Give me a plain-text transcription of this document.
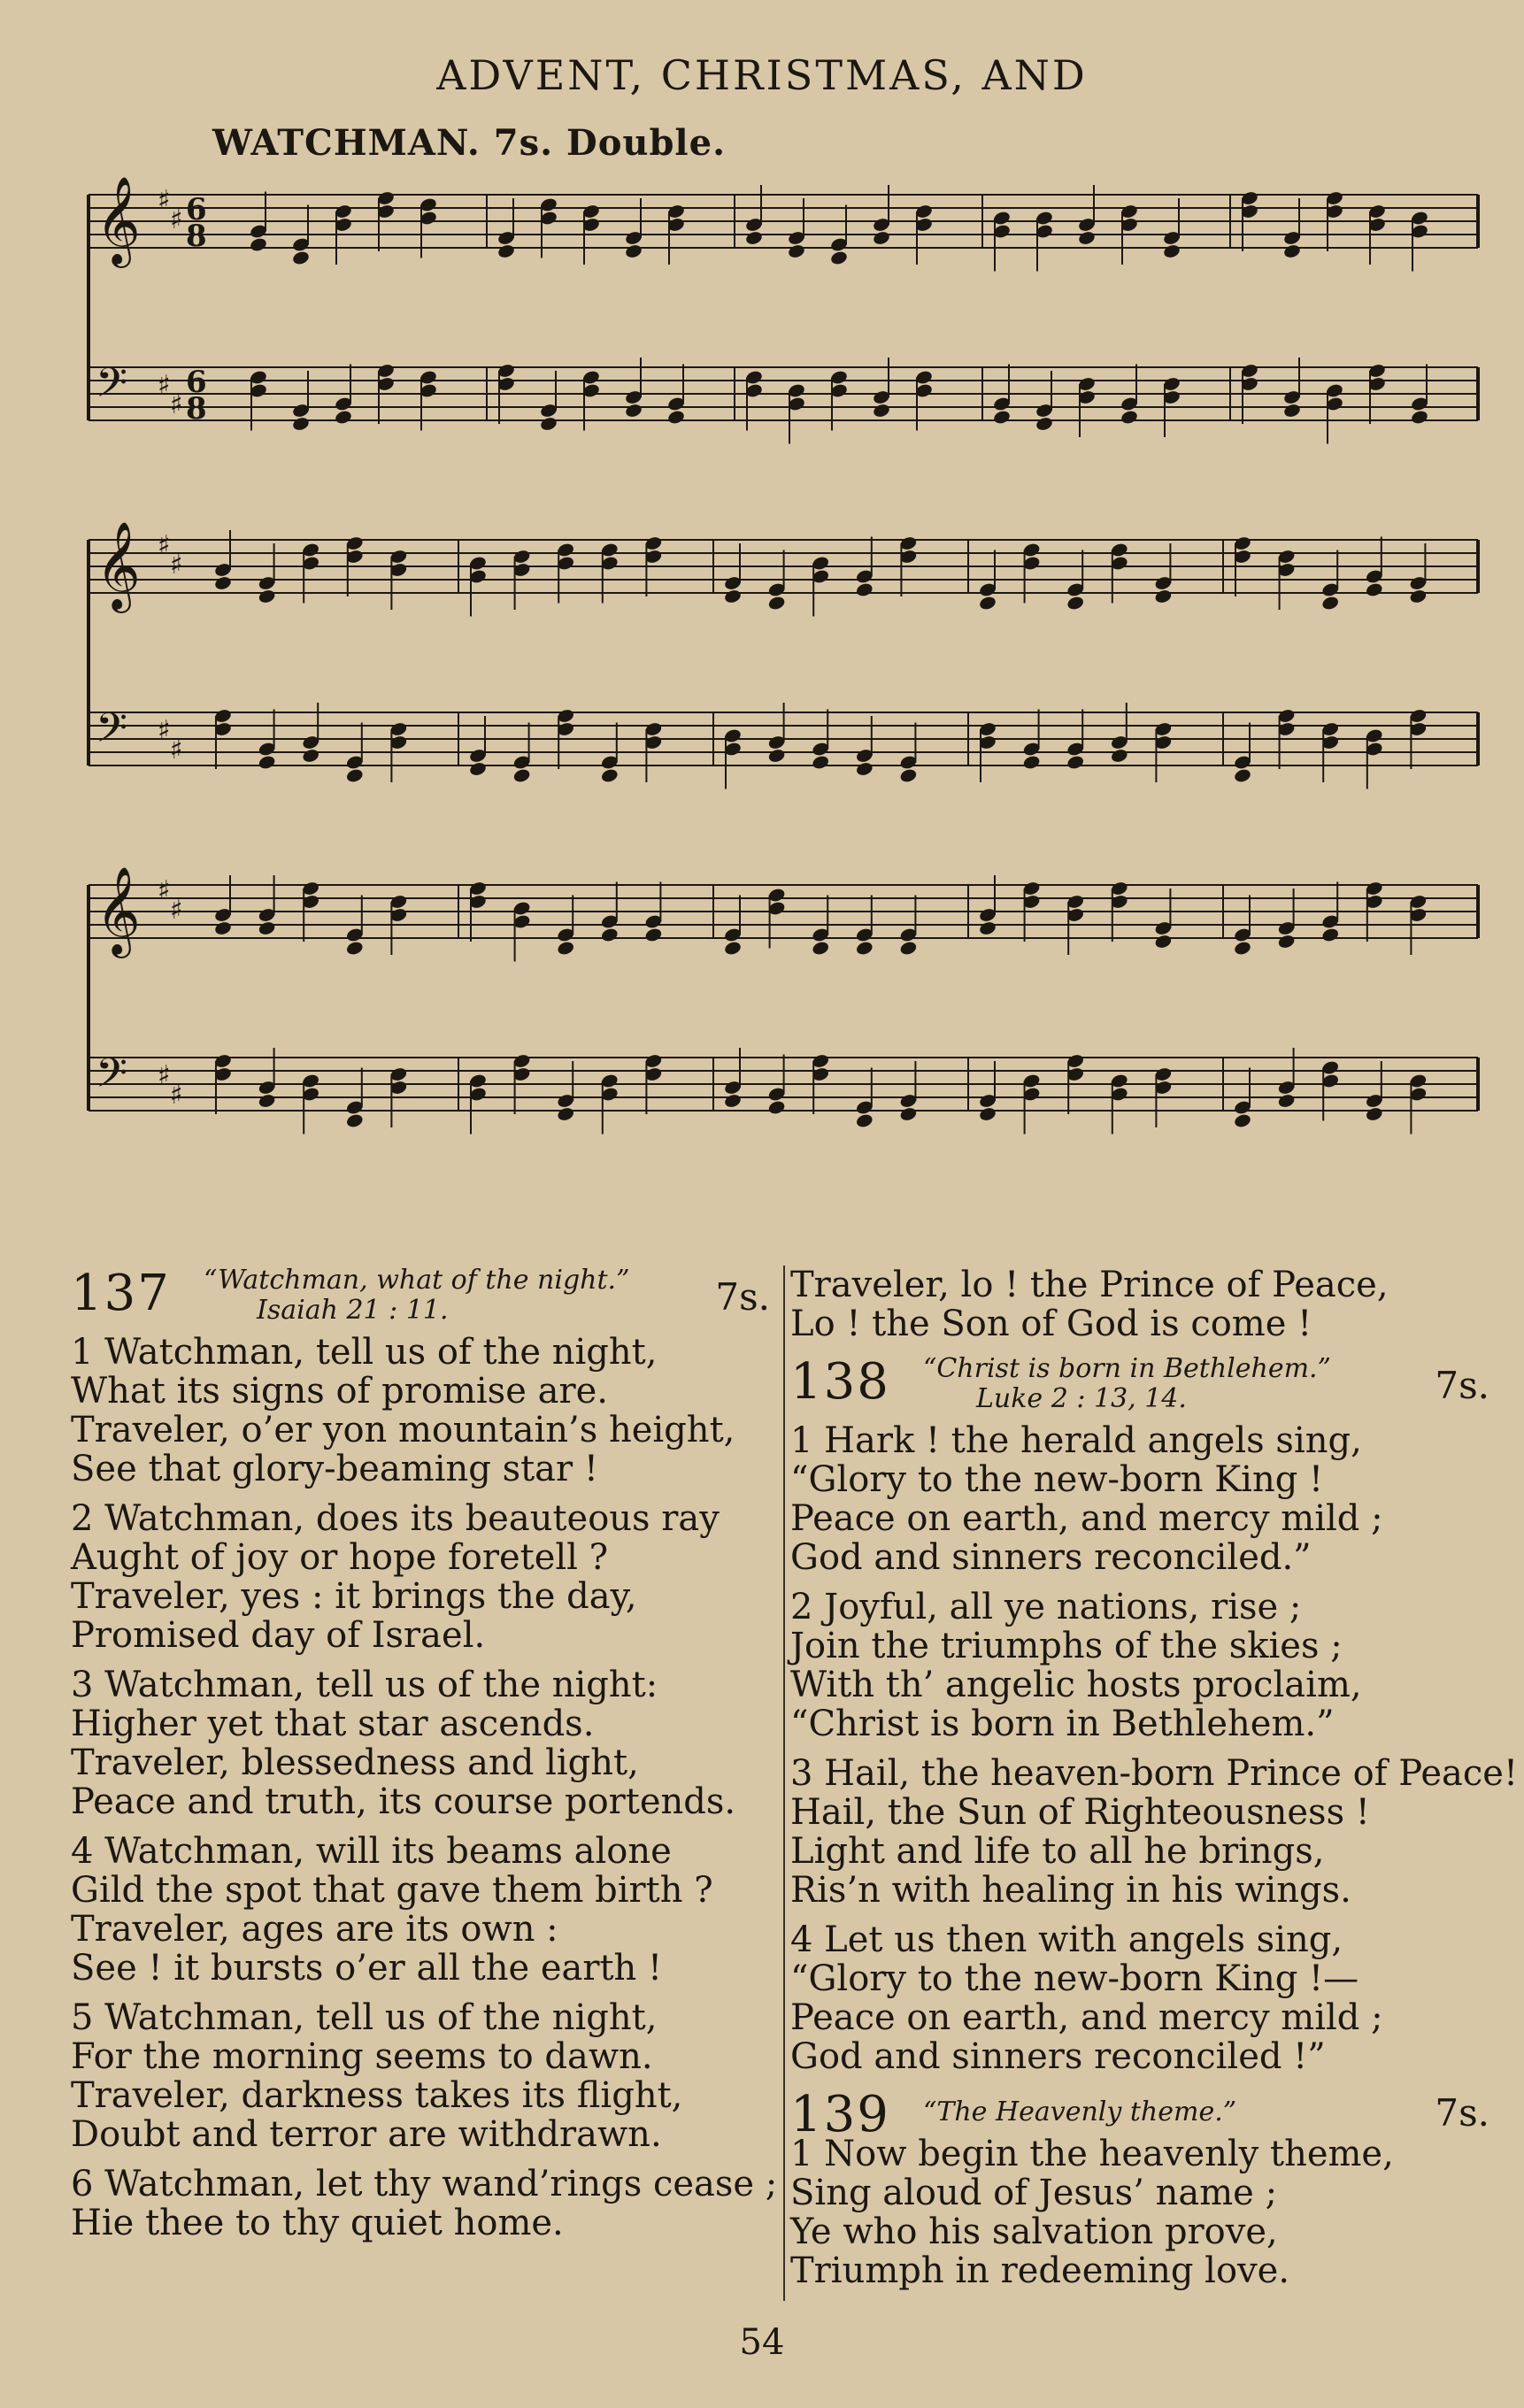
ADVENT, CHRISTMAS, AND
WATCHMAN. 7s. Double.
𝄞 ♯
♯ 6
8
𝄢 ♯
♯
6
8
𝄞 ♯
♯
𝄢 ♯
♯
𝄞 ♯
♯
𝄢 ♯
♯
137 “Watchman, what of the night.”
Isaiah 21 : 11.	7s.
1 Watchman, tell us of the night,
What its signs of promise are.
Traveler, o’er yon mountain’s height,
See that glory-beaming star !
2 Watchman, does its beauteous ray
Aught of joy or hope foretell ?
Traveler, yes : it brings the day,
Promised day of Israel.
3 Watchman, tell us of the night:
Higher yet that star ascends.
Traveler, blessedness and light,
Peace and truth, its course portends.
4 Watchman, will its beams alone
Gild the spot that gave them birth ?
Traveler, ages are its own :
See ! it bursts o’er all the earth !
5 Watchman, tell us of the night,
For the morning seems to dawn.
Traveler, darkness takes its flight,
Doubt and terror are withdrawn.
6 Watchman, let thy wand’rings cease ;
Hie thee to thy quiet home.
Traveler, lo ! the Prince of Peace,
Lo ! the Son of God is come !
138 “Christ is born in Bethlehem.”
Luke 2 : 13, 14.	7s.
1 Hark ! the herald angels sing,
“Glory to the new-born King !
Peace on earth, and mercy mild ;
God and sinners reconciled.”
2 Joyful, all ye nations, rise ;
Join the triumphs of the skies ;
With th’ angelic hosts proclaim,
“Christ is born in Bethlehem.”
3 Hail, the heaven-born Prince of Peace!
Hail, the Sun of Righteousness !
Light and life to all he brings,
Ris’n with healing in his wings.
4 Let us then with angels sing,
“Glory to the new-born King !—
Peace on earth, and mercy mild ;
God and sinners reconciled !”
139 “The Heavenly theme.”	7s.
1 Now begin the heavenly theme,
Sing aloud of Jesus’ name ;
Ye who his salvation prove,
Triumph in redeeming love.
54
